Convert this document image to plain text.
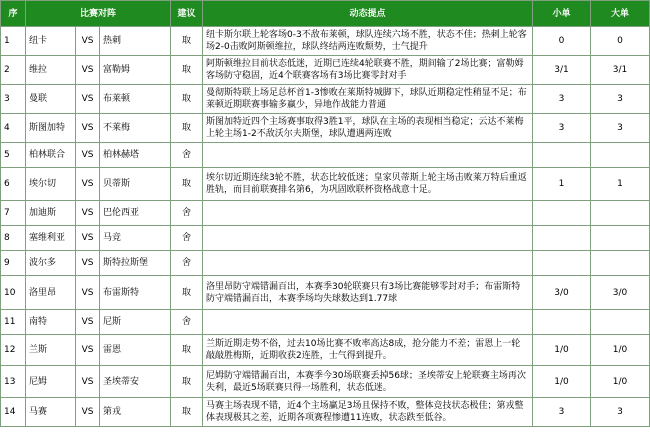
序	比赛对阵			建议	动态提点	小单	大单
1	纽卡	VS	热刺	取	纽卡斯尔联上轮客场0-3不敌布莱顿，球队连续六场不胜，状态不佳；热刺上轮客场2-0击败阿斯顿维拉，球队终结两连败颓势，士气提升	0	0
2	维拉	VS	富勒姆	取	阿斯顿维拉目前状态低迷，近期已连续4轮联赛不胜，期间输了2场比赛；富勒姆客场防守稳固，近4个联赛客场有3场比赛零封对手	3/1	3/1
3	曼联	VS	布莱顿	取	曼彻斯特联上场足总杯首1-3惨败在莱斯特城脚下，球队近期稳定性稍显不足；布莱顿近期联赛事输多赢少，异地作战能力普通	3	3
4	斯图加特	VS	不莱梅	取	斯图加特近四个主场赛事取得3胜1平，球队在主场的表现相当稳定；云达不莱梅上轮主场1-2不敌沃尔夫斯堡，球队遭遇两连败	3	3
5	柏林联合	VS	柏林赫塔	舍			
6	埃尔切	VS	贝蒂斯	取	埃尔切近期连续3轮不胜，状态比较低迷；皇家贝蒂斯上轮主场击败莱万特后重返胜轨，而目前联赛排名第6，为巩固欧联杯资格战意十足。	1	1
7	加迪斯	VS	巴伦西亚	舍			
8	塞维利亚	VS	马竞	舍			
9	波尔多	VS	斯特拉斯堡	舍			
10	洛里昂	VS	布雷斯特	取	洛里昂防守端错漏百出，本赛季30轮联赛只有3场比赛能够零封对手；布雷斯特防守端错漏百出，本赛季场均失球数达到1.77球	3/0	3/0
11	南特	VS	尼斯	舍			
12	兰斯	VS	雷恩	取	兰斯近期走势不俗，过去10场比赛不败率高达8成，抢分能力不差；雷恩上一轮敲敲胜梅斯，近期收获2连胜，士气得到提升。	1/0	1/0
13	尼姆	VS	圣埃蒂安	取	尼姆防守端错漏百出，本赛季今30场联赛丢掉56球；圣埃蒂安上轮联赛主场再次失利，最近5场联赛只得一场胜利，状态低迷。	1/0	1/0
14	马赛	VS	第戎	取	马赛主场表现不错，近4个主场赢足3场且保持不败，整体竞技状态极佳；第戎整体表现极其之差，近期各项赛程惨遭11连败，状态跌至低谷。	3	3
